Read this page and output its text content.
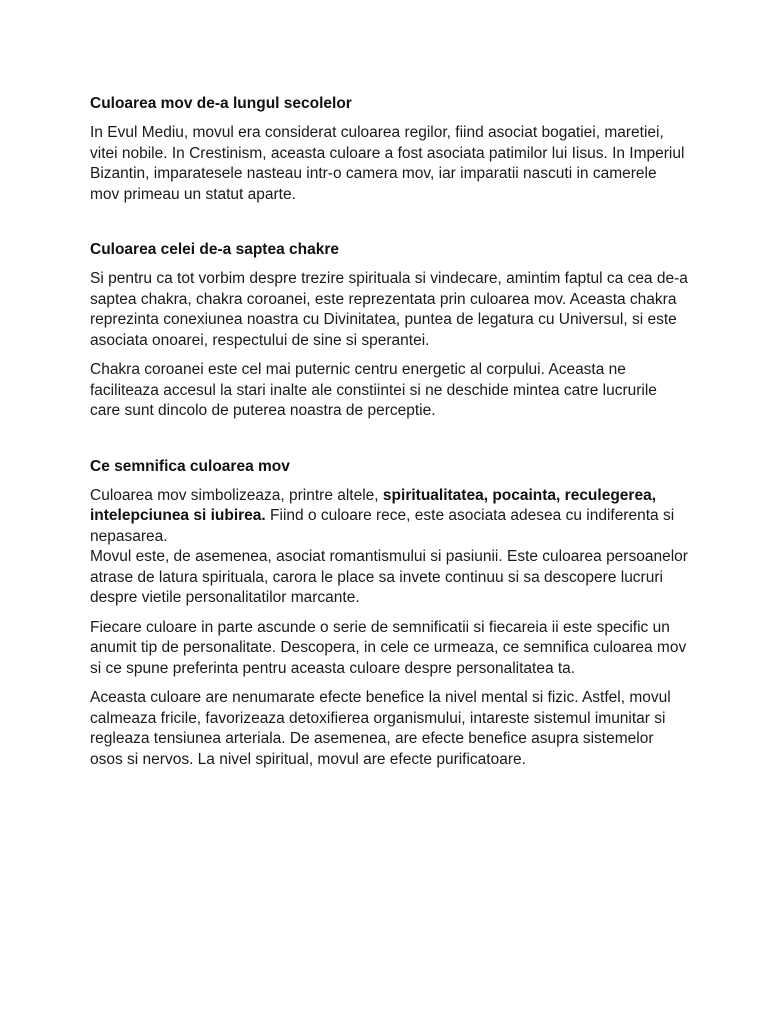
Culoarea mov de-a lungul secolelor

In Evul Mediu, movul era considerat culoarea regilor, fiind asociat bogatiei, maretiei, vitei nobile. In Crestinism, aceasta culoare a fost asociata patimilor lui Iisus. In Imperiul Bizantin, imparatesele nasteau intr-o camera mov, iar imparatii nascuti in camerele mov primeau un statut aparte.

Culoarea celei de-a saptea chakre

Si pentru ca tot vorbim despre trezire spirituala si vindecare, amintim faptul ca cea de-a saptea chakra, chakra coroanei, este reprezentata prin culoarea mov. Aceasta chakra reprezinta conexiunea noastra cu Divinitatea, puntea de legatura cu Universul, si este asociata onoarei, respectului de sine si sperantei.

Chakra coroanei este cel mai puternic centru energetic al corpului. Aceasta ne faciliteaza accesul la stari inalte ale constiintei si ne deschide mintea catre lucrurile care sunt dincolo de puterea noastra de perceptie.

Ce semnifica culoarea mov

Culoarea mov simbolizeaza, printre altele, spiritualitatea, pocainta, reculegerea, intelepciunea si iubirea. Fiind o culoare rece, este asociata adesea cu indiferenta si nepasarea.
Movul este, de asemenea, asociat romantismului si pasiunii. Este culoarea persoanelor atrase de latura spirituala, carora le place sa invete continuu si sa descopere lucruri despre vietile personalitatilor marcante.

Fiecare culoare in parte ascunde o serie de semnificatii si fiecareia ii este specific un anumit tip de personalitate. Descopera, in cele ce urmeaza, ce semnifica culoarea mov si ce spune preferinta pentru aceasta culoare despre personalitatea ta.

Aceasta culoare are nenumarate efecte benefice la nivel mental si fizic. Astfel, movul calmeaza fricile, favorizeaza detoxifierea organismului, intareste sistemul imunitar si regleaza tensiunea arteriala. De asemenea, are efecte benefice asupra sistemelor osos si nervos. La nivel spiritual, movul are efecte purificatoare.
